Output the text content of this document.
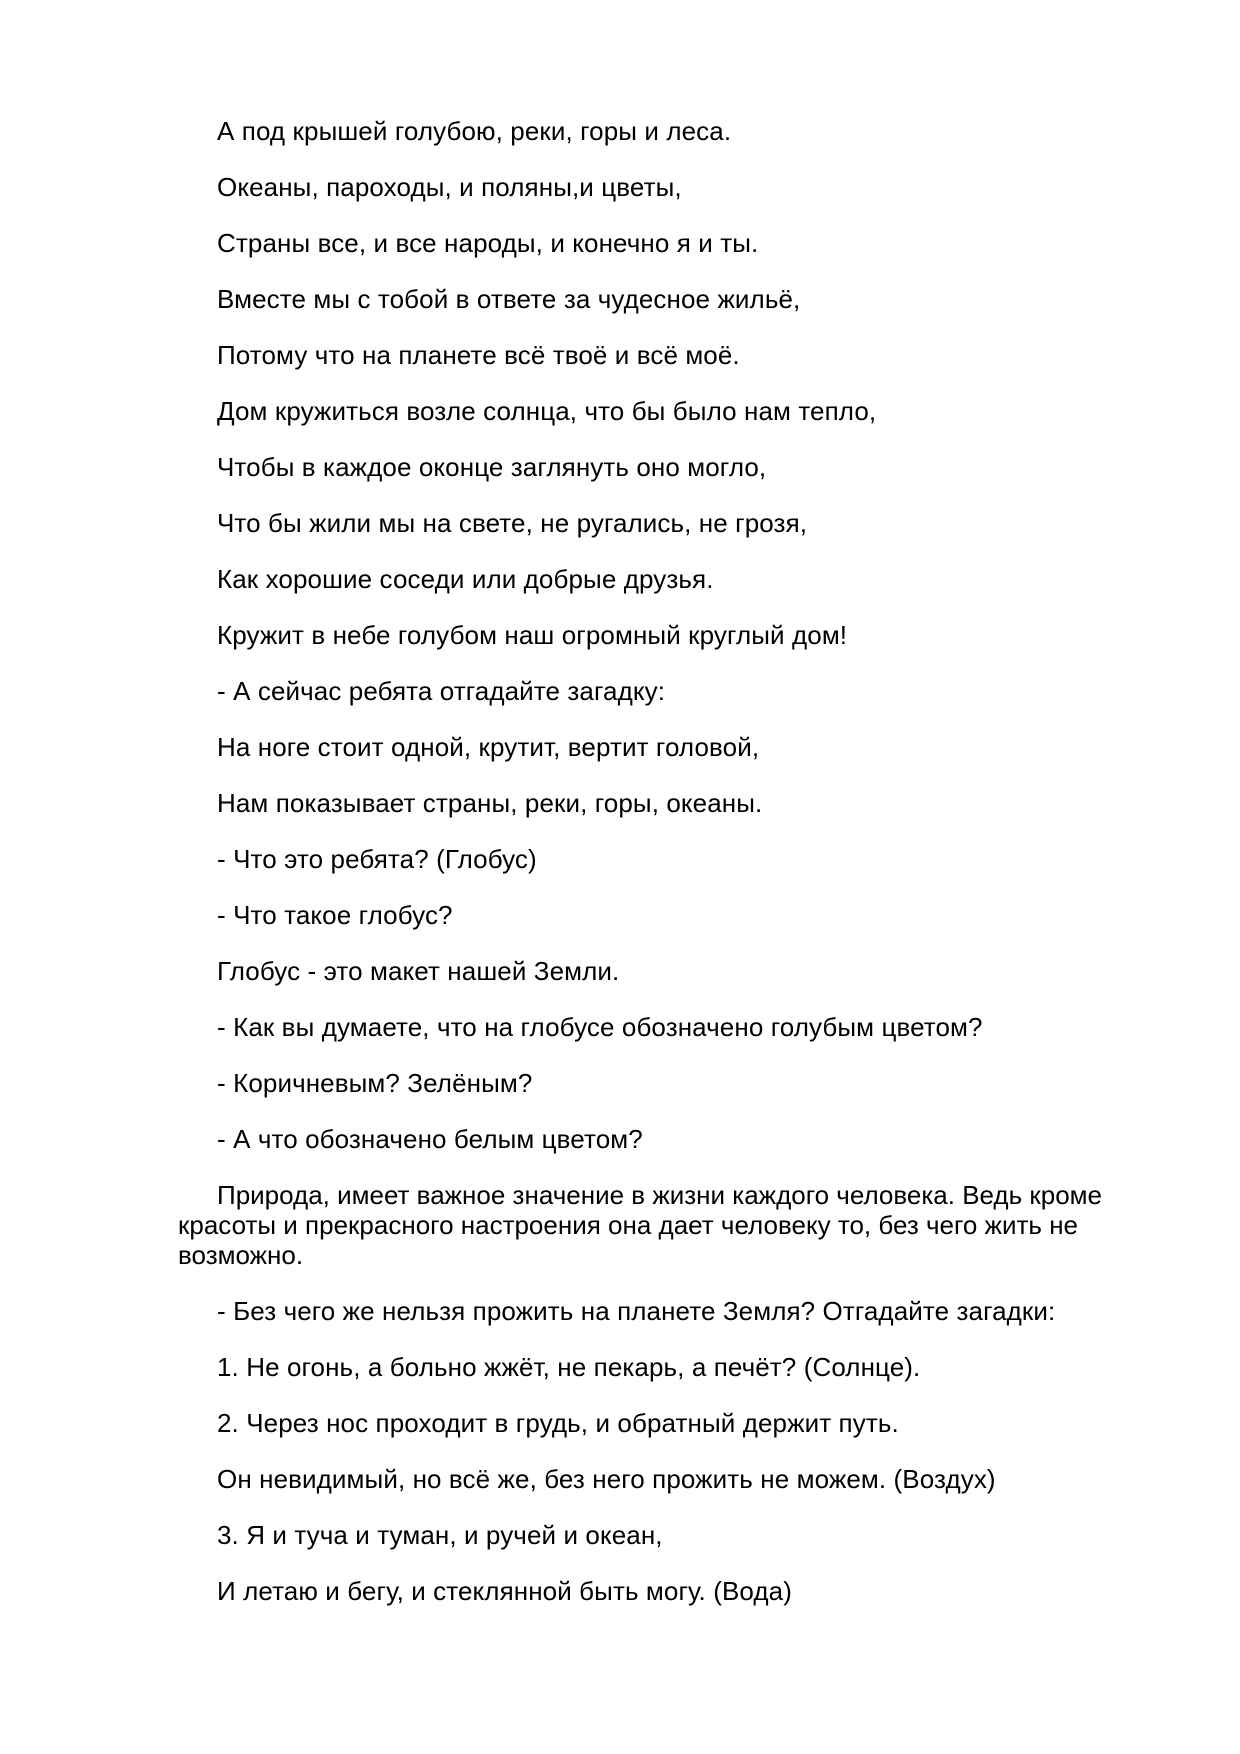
А под крышей голубою, реки, горы и леса.
Океаны, пароходы, и поляны,и цветы,
Страны все, и все народы, и конечно я и ты.
Вместе мы с тобой в ответе за чудесное жильё,
Потому что на планете всё твоё и всё моё.
Дом кружиться возле солнца, что бы было нам тепло,
Чтобы в каждое оконце заглянуть оно могло,
Что бы жили мы на свете, не ругались, не грозя,
Как хорошие соседи или добрые друзья.
Кружит в небе голубом наш огромный круглый дом!
- А сейчас ребята отгадайте загадку:
На ноге стоит одной, крутит, вертит головой,
Нам показывает страны, реки, горы, океаны.
- Что это ребята? (Глобус)
- Что такое глобус?
Глобус - это макет нашей Земли.
- Как вы думаете, что на глобусе обозначено голубым цветом?
- Коричневым? Зелёным?
- А что обозначено белым цветом?
Природа, имеет важное значение в жизни каждого человека. Ведь кроме красоты и прекрасного настроения она дает человеку то, без чего жить не возможно.
- Без чего же нельзя прожить на планете Земля? Отгадайте загадки:
1. Не огонь, а больно жжёт, не пекарь, а печёт? (Солнце).
2. Через нос проходит в грудь, и обратный держит путь.
Он невидимый, но всё же, без него прожить не можем. (Воздух)
3. Я и туча и туман, и ручей и океан,
И летаю и бегу, и стеклянной быть могу. (Вода)
